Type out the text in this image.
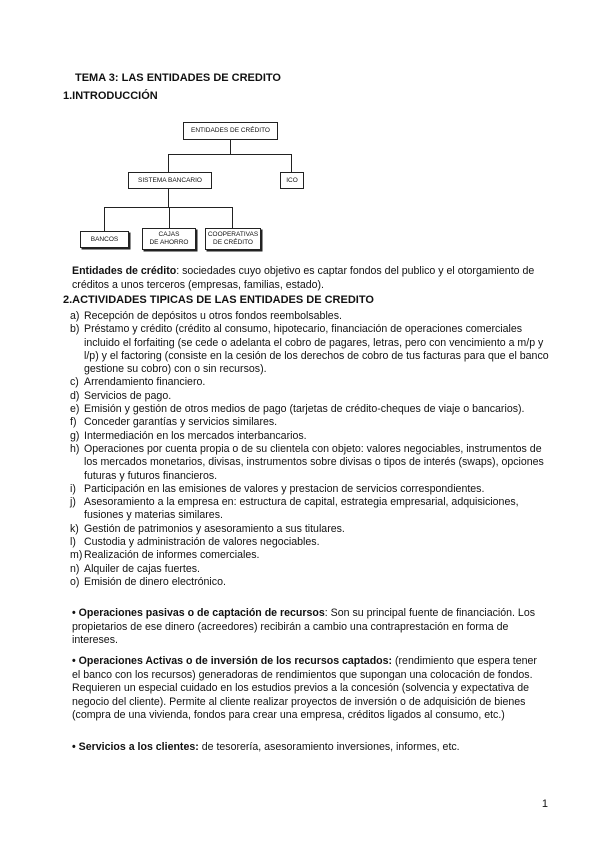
TEMA 3: LAS ENTIDADES DE CREDITO
1.INTRODUCCIÓN
ENTIDADES DE CRÉDITO
SISTEMA BANCARIO	ICO
BANCOS
CAJAS
DE AHORRO
COOPERATIVAS
DE CRÉDITO
Entidades de crédito: sociedades cuyo objetivo es captar fondos del publico y el otorgamiento de créditos a unos terceros (empresas, familias, estado).
2.ACTIVIDADES TIPICAS DE LAS ENTIDADES DE CREDITO
a) Recepción de depósitos u otros fondos reembolsables.
b) Préstamo y crédito (crédito al consumo, hipotecario, financiación de operaciones comerciales incluido el forfaiting (se cede o adelanta el cobro de pagares, letras, pero con vencimiento a m/p y l/p) y el factoring (consiste en la cesión de los derechos de cobro de tus facturas para que el banco gestione su cobro) con o sin recursos).
c) Arrendamiento financiero.
d) Servicios de pago.
e) Emisión y gestión de otros medios de pago (tarjetas de crédito-cheques de viaje o bancarios).
f) Conceder garantías y servicios similares.
g) Intermediación en los mercados interbancarios.
h) Operaciones por cuenta propia o de su clientela con objeto: valores negociables, instrumentos de los mercados monetarios, divisas, instrumentos sobre divisas o tipos de interés (swaps), opciones futuras y futuros financieros.
i) Participación en las emisiones de valores y prestacion de servicios correspondientes.
j) Asesoramiento a la empresa en: estructura de capital, estrategia empresarial, adquisiciones, fusiones y materias similares.
k) Gestión de patrimonios y asesoramiento a sus titulares.
l) Custodia y administración de valores negociables.
m) Realización de informes comerciales.
n) Alquiler de cajas fuertes.
o) Emisión de dinero electrónico.
• Operaciones pasivas o de captación de recursos: Son su principal fuente de financiación. Los propietarios de ese dinero (acreedores) recibirán a cambio una contraprestación en forma de intereses.
• Operaciones Activas o de inversión de los recursos captados: (rendimiento que espera tener el banco con los recursos) generadoras de rendimientos que supongan una colocación de fondos. Requieren un especial cuidado en los estudios previos a la concesión (solvencia y expectativa de negocio del cliente). Permite al cliente realizar proyectos de inversión o de adquisición de bienes (compra de una vivienda, fondos para crear una empresa, créditos ligados al consumo, etc.)
• Servicios a los clientes: de tesorería, asesoramiento inversiones, informes, etc.
1
